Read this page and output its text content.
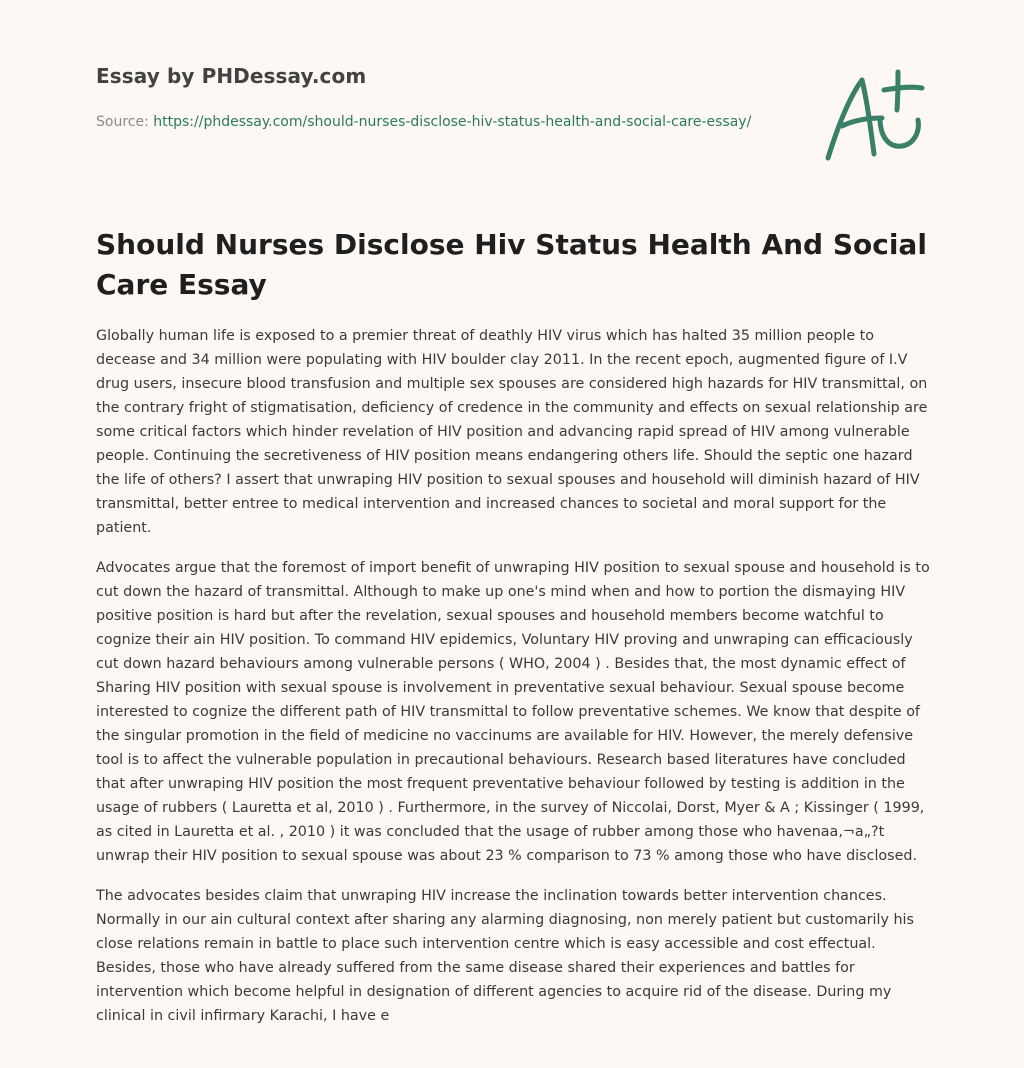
Essay by PHDessay.com
Source: https://phdessay.com/should-nurses-disclose-hiv-status-health-and-social-care-essay/
Should Nurses Disclose Hiv Status Health And Social Care Essay

Globally human life is exposed to a premier threat of deathly HIV virus which has halted 35 million people to decease and 34 million were populating with HIV boulder clay 2011. In the recent epoch, augmented figure of I.V drug users, insecure blood transfusion and multiple sex spouses are considered high hazards for HIV transmittal, on the contrary fright of stigmatisation, deficiency of credence in the community and effects on sexual relationship are some critical factors which hinder revelation of HIV position and advancing rapid spread of HIV among vulnerable people. Continuing the secretiveness of HIV position means endangering others life. Should the septic one hazard the life of others? I assert that unwraping HIV position to sexual spouses and household will diminish hazard of HIV transmittal, better entree to medical intervention and increased chances to societal and moral support for the patient.

Advocates argue that the foremost of import benefit of unwraping HIV position to sexual spouse and household is to cut down the hazard of transmittal. Although to make up one's mind when and how to portion the dismaying HIV positive position is hard but after the revelation, sexual spouses and household members become watchful to cognize their ain HIV position. To command HIV epidemics, Voluntary HIV proving and unwraping can efficaciously cut down hazard behaviours among vulnerable persons ( WHO, 2004 ) . Besides that, the most dynamic effect of Sharing HIV position with sexual spouse is involvement in preventative sexual behaviour. Sexual spouse become interested to cognize the different path of HIV transmittal to follow preventative schemes. We know that despite of the singular promotion in the field of medicine no vaccinums are available for HIV. However, the merely defensive tool is to affect the vulnerable population in precautional behaviours. Research based literatures have concluded that after unwraping HIV position the most frequent preventative behaviour followed by testing is addition in the usage of rubbers ( Lauretta et al, 2010 ) . Furthermore, in the survey of Niccolai, Dorst, Myer & A ; Kissinger ( 1999, as cited in Lauretta et al. , 2010 ) it was concluded that the usage of rubber among those who havenaa,¬a„?t unwrap their HIV position to sexual spouse was about 23 % comparison to 73 % among those who have disclosed.

The advocates besides claim that unwraping HIV increase the inclination towards better intervention chances. Normally in our ain cultural context after sharing any alarming diagnosing, non merely patient but customarily his close relations remain in battle to place such intervention centre which is easy accessible and cost effectual. Besides, those who have already suffered from the same disease shared their experiences and battles for intervention which become helpful in designation of different agencies to acquire rid of the disease. During my clinical in civil infirmary Karachi, I have e
